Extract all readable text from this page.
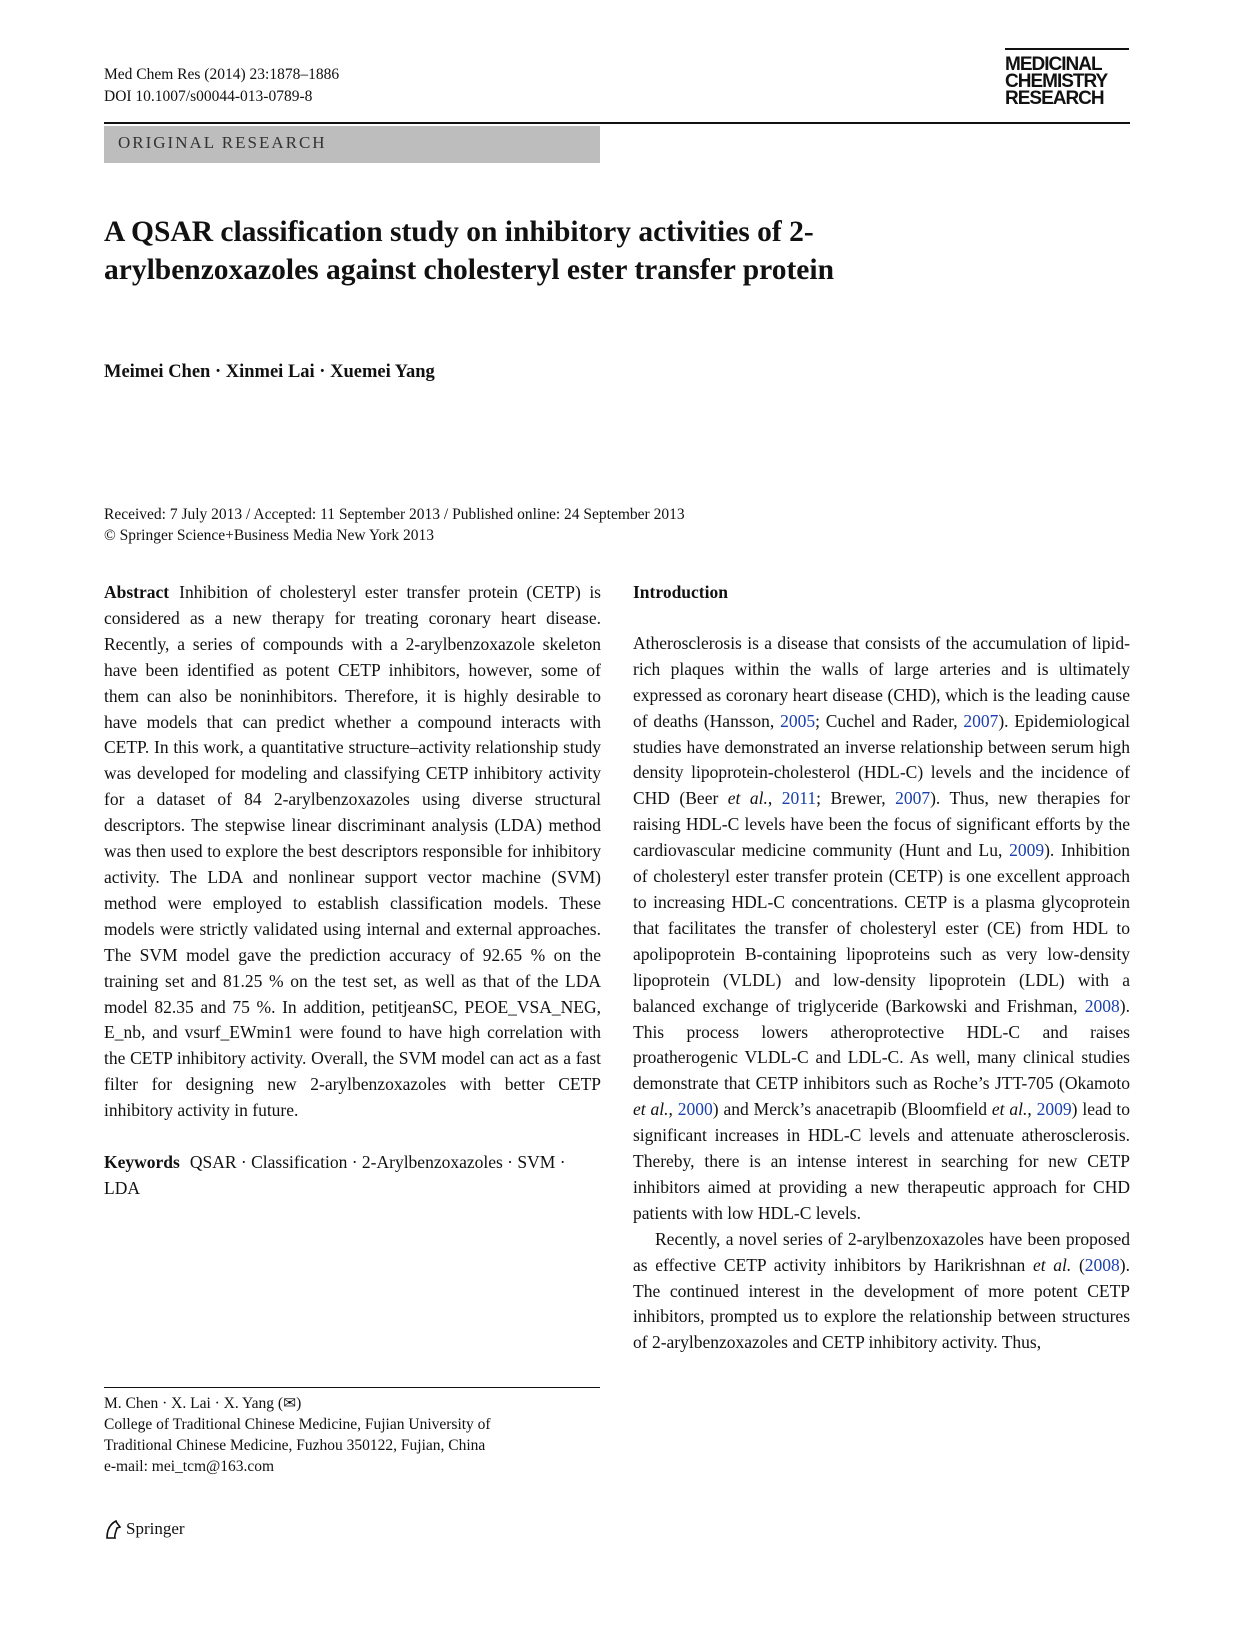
Med Chem Res (2014) 23:1878–1886
DOI 10.1007/s00044-013-0789-8
MEDICINAL
CHEMISTRY
RESEARCH
ORIGINAL RESEARCH
A QSAR classification study on inhibitory activities of 2-arylbenzoxazoles against cholesteryl ester transfer protein
Meimei Chen · Xinmei Lai · Xuemei Yang
Received: 7 July 2013 / Accepted: 11 September 2013 / Published online: 24 September 2013
© Springer Science+Business Media New York 2013

Abstract Inhibition of cholesteryl ester transfer protein (CETP) is considered as a new therapy for treating coronary heart disease. Recently, a series of compounds with a 2-arylbenzoxazole skeleton have been identified as potent CETP inhibitors, however, some of them can also be noninhibitors. Therefore, it is highly desirable to have models that can predict whether a compound interacts with CETP. In this work, a quantitative structure–activity relationship study was developed for modeling and classifying CETP inhibitory activity for a dataset of 84 2-arylbenzoxazoles using diverse structural descriptors. The stepwise linear discriminant analysis (LDA) method was then used to explore the best descriptors responsible for inhibitory activity. The LDA and nonlinear support vector machine (SVM) method were employed to establish classification models. These models were strictly validated using internal and external approaches. The SVM model gave the prediction accuracy of 92.65 % on the training set and 81.25 % on the test set, as well as that of the LDA model 82.35 and 75 %. In addition, petitjeanSC, PEOE_VSA_NEG, E_nb, and vsurf_EWmin1 were found to have high correlation with the CETP inhibitory activity. Overall, the SVM model can act as a fast filter for designing new 2-arylbenzoxazoles with better CETP inhibitory activity in future.

Keywords QSAR · Classification · 2-Arylbenzoxazoles · SVM · LDA

M. Chen · X. Lai · X. Yang (✉)
College of Traditional Chinese Medicine, Fujian University of
Traditional Chinese Medicine, Fuzhou 350122, Fujian, China
e-mail: mei_tcm@163.com

Introduction

Atherosclerosis is a disease that consists of the accumulation of lipid-rich plaques within the walls of large arteries and is ultimately expressed as coronary heart disease (CHD), which is the leading cause of deaths (Hansson, 2005; Cuchel and Rader, 2007). Epidemiological studies have demonstrated an inverse relationship between serum high density lipoprotein-cholesterol (HDL-C) levels and the incidence of CHD (Beer et al., 2011; Brewer, 2007). Thus, new therapies for raising HDL-C levels have been the focus of significant efforts by the cardiovascular medicine community (Hunt and Lu, 2009). Inhibition of cholesteryl ester transfer protein (CETP) is one excellent approach to increasing HDL-C concentrations. CETP is a plasma glycoprotein that facilitates the transfer of cholesteryl ester (CE) from HDL to apolipoprotein B-containing lipoproteins such as very low-density lipoprotein (VLDL) and low-density lipoprotein (LDL) with a balanced exchange of triglyceride (Barkowski and Frishman, 2008). This process lowers atheroprotective HDL-C and raises proatherogenic VLDL-C and LDL-C. As well, many clinical studies demonstrate that CETP inhibitors such as Roche’s JTT-705 (Okamoto et al., 2000) and Merck’s anacetrapib (Bloomfield et al., 2009) lead to significant increases in HDL-C levels and attenuate atherosclerosis. Thereby, there is an intense interest in searching for new CETP inhibitors aimed at providing a new therapeutic approach for CHD patients with low HDL-C levels.

Recently, a novel series of 2-arylbenzoxazoles have been proposed as effective CETP activity inhibitors by Harikrishnan et al. (2008). The continued interest in the development of more potent CETP inhibitors, prompted us to explore the relationship between structures of 2-arylbenzoxazoles and CETP inhibitory activity. Thus,

Springer
